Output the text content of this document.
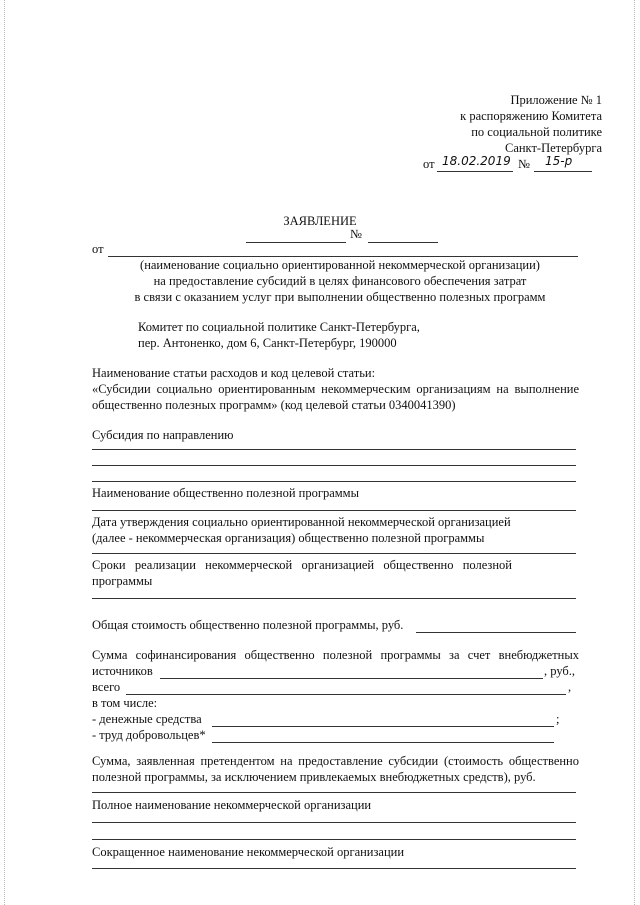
Приложение № 1
к распоряжению Комитета
по социальной политике
Санкт-Петербурга
от 18.02.2019 № 15-р
ЗАЯВЛЕНИЕ
№
от
(наименование социально ориентированной некоммерческой организации)
на предоставление субсидий в целях финансового обеспечения затрат
в связи с оказанием услуг при выполнении общественно полезных программ
Комитет по социальной политике Санкт-Петербурга,
пер. Антоненко, дом 6, Санкт-Петербург, 190000
Наименование статьи расходов и код целевой статьи:
«Субсидии социально ориентированным некоммерческим организациям на выполнение
общественно полезных программ» (код целевой статьи 0340041390)
Субсидия по направлению
Наименование общественно полезной программы
Дата утверждения социально ориентированной некоммерческой организацией
(далее - некоммерческая организация) общественно полезной программы
Сроки реализации некоммерческой организацией общественно полезной
программы
Общая стоимость общественно полезной программы, руб.
Сумма софинансирования общественно полезной программы за счет внебюджетных
источников	, руб.,
всего	,
в том числе:
- денежные средства	;
- труд добровольцев*
Сумма, заявленная претендентом на предоставление субсидии (стоимость общественно
полезной программы, за исключением привлекаемых внебюджетных средств), руб.
Полное наименование некоммерческой организации
Сокращенное наименование некоммерческой организации
